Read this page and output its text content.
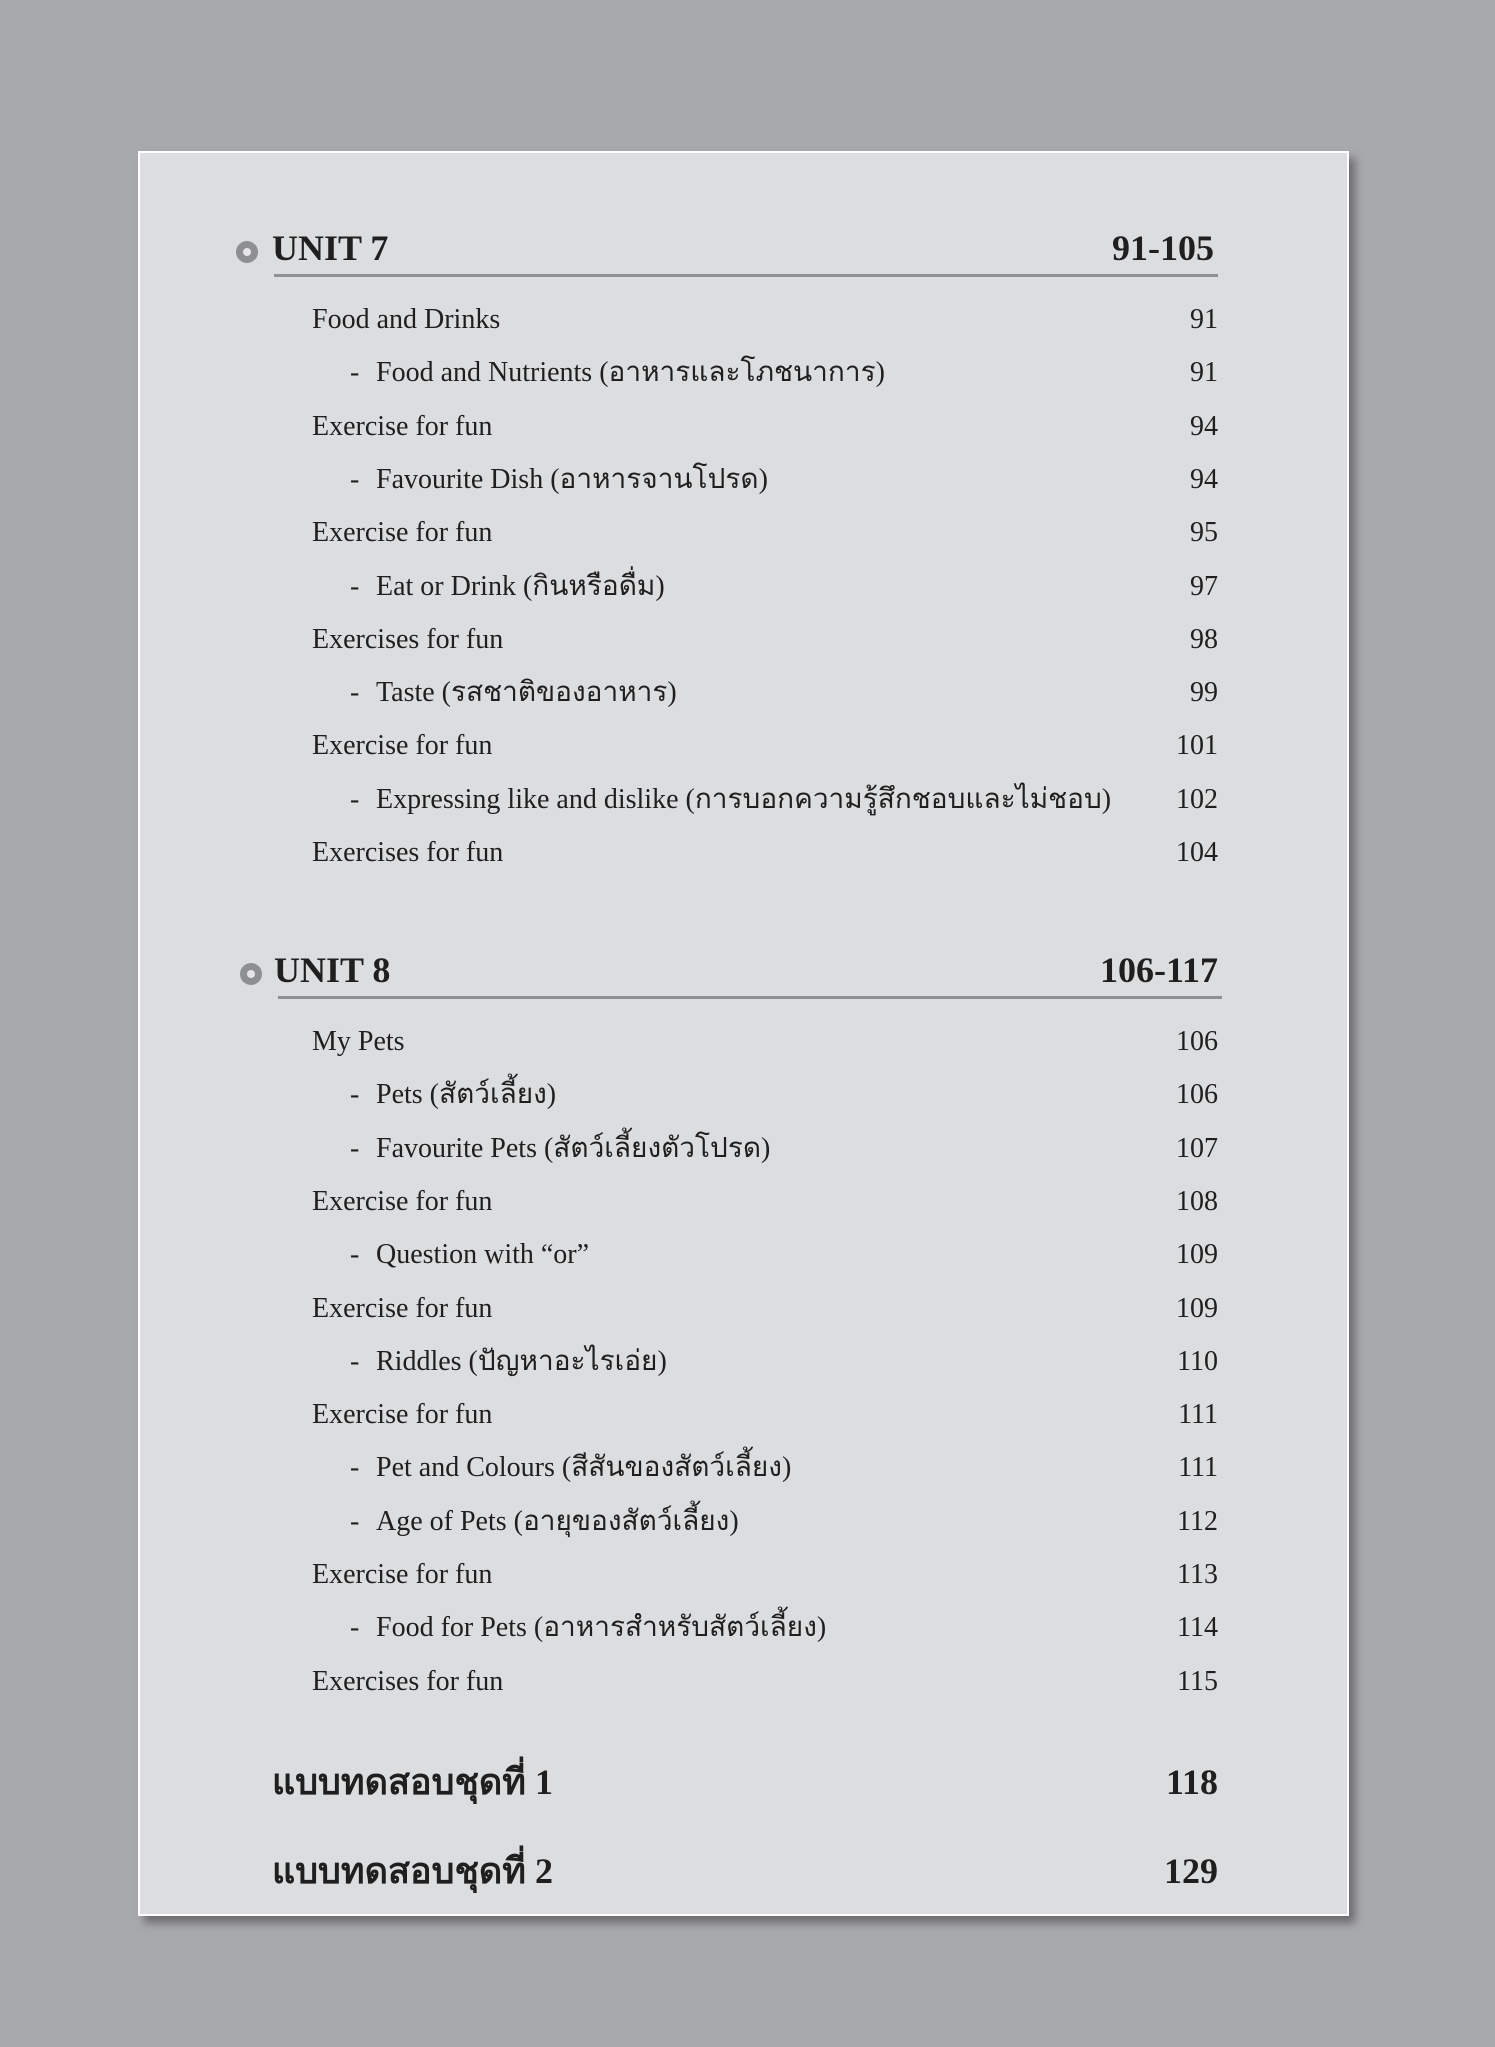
UNIT 7	91-105
Food and Drinks	91
- Food and Nutrients (อาหารและโภชนาการ)	91
Exercise for fun	94
- Favourite Dish (อาหารจานโปรด)	94
Exercise for fun	95
- Eat or Drink (กินหรือดื่ม)	97
Exercises for fun	98
- Taste (รสชาติของอาหาร)	99
Exercise for fun	101
- Expressing like and dislike (การบอกความรู้สึกชอบและไม่ชอบ) 102
Exercises for fun	104
UNIT 8	106-117
My Pets	106
- Pets (สัตว์เลี้ยง)	106
- Favourite Pets (สัตว์เลี้ยงตัวโปรด)	107
Exercise for fun	108
- Question with “or”	109
Exercise for fun	109
- Riddles (ปัญหาอะไรเอ่ย)	110
Exercise for fun	111
- Pet and Colours (สีสันของสัตว์เลี้ยง)	111
- Age of Pets (อายุของสัตว์เลี้ยง)	112
Exercise for fun	113
- Food for Pets (อาหารสำหรับสัตว์เลี้ยง)	114
Exercises for fun	115
แบบทดสอบชุดที่ 1	118
แบบทดสอบชุดที่ 2	129
